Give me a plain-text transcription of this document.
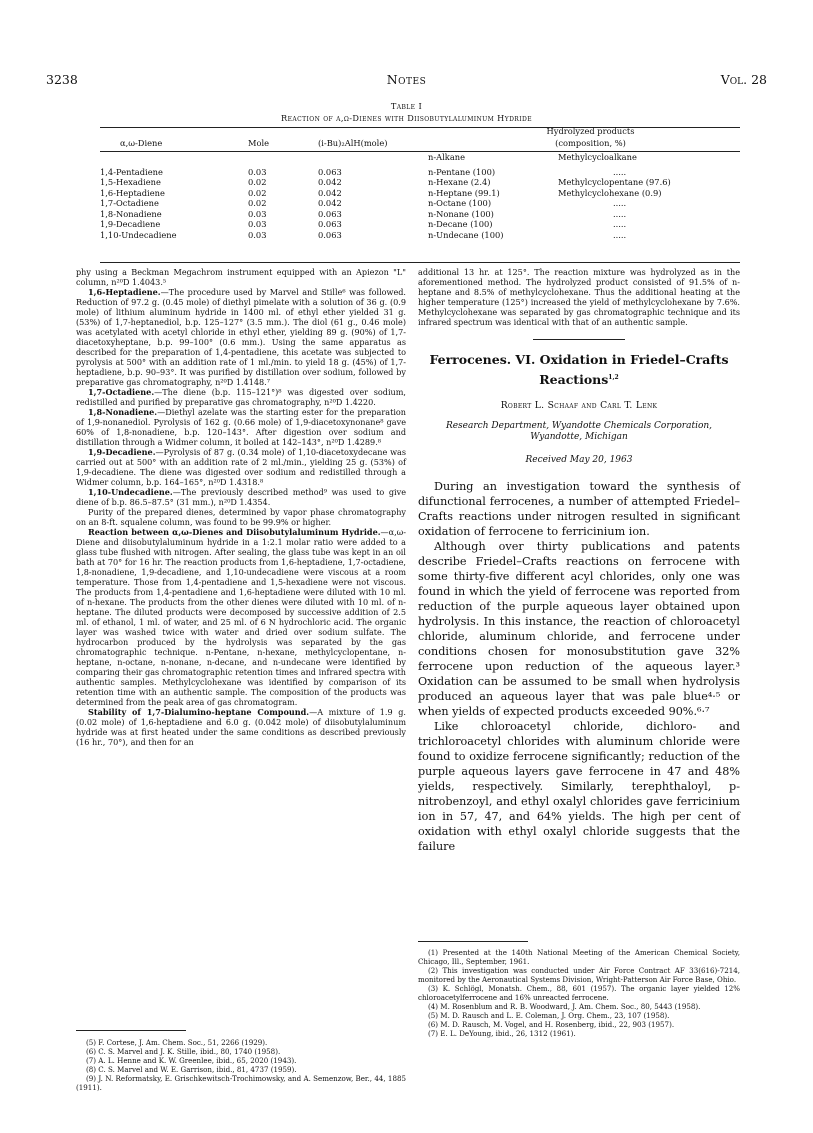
3238	Notes	Vol. 28
Table I
Reaction of α,ω-Dienes with Diisobutylaluminum Hydride
			Hydrolyzed products	
α,ω-Diene	Mole	(i-Bu)₂AlH(mole)	(composition, %)	
			n-Alkane	Methylcycloalkane

1,4-Pentadiene	0.03	0.063	n-Pentane (100)	.....
1,5-Hexadiene	0.02	0.042	n-Hexane (2.4)	Methylcyclopentane (97.6)
1,6-Heptadiene	0.02	0.042	n-Heptane (99.1)	Methylcyclohexane (0.9)
1,7-Octadiene	0.02	0.042	n-Octane (100)	.....
1,8-Nonadiene	0.03	0.063	n-Nonane (100)	.....
1,9-Decadiene	0.03	0.063	n-Decane (100)	.....
1,10-Undecadiene	0.03	0.063	n-Undecane (100)	.....

phy using a Beckman Megachrom instrument equipped with an Apiezon "L" column, n²⁰D 1.4043.⁵

1,6-Heptadiene.—The procedure used by Marvel and Stille⁶ was followed. Reduction of 97.2 g. (0.45 mole) of diethyl pimelate with a solution of 36 g. (0.9 mole) of lithium aluminum hydride in 1400 ml. of ethyl ether yielded 31 g. (53%) of 1,7-heptanediol, b.p. 125–127° (3.5 mm.). The diol (61 g., 0.46 mole) was acetylated with acetyl chloride in ethyl ether, yielding 89 g. (90%) of 1,7-diacetoxyheptane, b.p. 99–100° (0.6 mm.). Using the same apparatus as described for the preparation of 1,4-pentadiene, this acetate was subjected to pyrolysis at 500° with an addition rate of 1 ml./min. to yield 18 g. (45%) of 1,7-heptadiene, b.p. 90–93°. It was purified by distillation over sodium, followed by preparative gas chromatography, n²⁰D 1.4148.⁷

1,7-Octadiene.—The diene (b.p. 115–121°)⁸ was digested over sodium, redistilled and purified by preparative gas chromatography, n²⁰D 1.4220.

1,8-Nonadiene.—Diethyl azelate was the starting ester for the preparation of 1,9-nonanediol. Pyrolysis of 162 g. (0.66 mole) of 1,9-diacetoxynonane⁸ gave 60% of 1,8-nonadiene, b.p. 120–143°. After digestion over sodium and distillation through a Widmer column, it boiled at 142–143°, n²⁰D 1.4289.⁸

1,9-Decadiene.—Pyrolysis of 87 g. (0.34 mole) of 1,10-diacetoxydecane was carried out at 500° with an addition rate of 2 ml./min., yielding 25 g. (53%) of 1,9-decadiene. The diene was digested over sodium and redistilled through a Widmer column, b.p. 164–165°, n²⁰D 1.4318.⁸

1,10-Undecadiene.—The previously described method⁹ was used to give diene of b.p. 86.5–87.5° (31 mm.), n²⁰D 1.4354.

Purity of the prepared dienes, determined by vapor phase chromatography on an 8-ft. squalene column, was found to be 99.9% or higher.

Reaction between α,ω-Dienes and Diisobutylaluminum Hydride.—α,ω-Diene and diisobutylaluminum hydride in a 1:2.1 molar ratio were added to a glass tube flushed with nitrogen. After sealing, the glass tube was kept in an oil bath at 70° for 16 hr. The reaction products from 1,6-heptadiene, 1,7-octadiene, 1,8-nonadiene, 1,9-decadiene, and 1,10-undecadiene were viscous at a room temperature. Those from 1,4-pentadiene and 1,5-hexadiene were not viscous. The products from 1,4-pentadiene and 1,6-heptadiene were diluted with 10 ml. of n-hexane. The products from the other dienes were diluted with 10 ml. of n-heptane. The diluted products were decomposed by successive addition of 2.5 ml. of ethanol, 1 ml. of water, and 25 ml. of 6 N hydrochloric acid. The organic layer was washed twice with water and dried over sodium sulfate. The hydrocarbon produced by the hydrolysis was separated by the gas chromatographic technique. n-Pentane, n-hexane, methylcyclopentane, n-heptane, n-octane, n-nonane, n-decane, and n-undecane were identified by comparing their gas chromatographic retention times and infrared spectra with authentic samples. Methylcyclohexane was identified by comparison of its retention time with an authentic sample. The composition of the products was determined from the peak area of gas chromatogram.

Stability of 1,7-Dialumino-heptane Compound.—A mixture of 1.9 g. (0.02 mole) of 1,6-heptadiene and 6.0 g. (0.042 mole) of diisobutylaluminum hydride was at first heated under the same conditions as described previously (16 hr., 70°), and then for an

(5) F. Cortese, J. Am. Chem. Soc., 51, 2266 (1929).

(6) C. S. Marvel and J. K. Stille, ibid., 80, 1740 (1958).

(7) A. L. Henne and K. W. Greenlee, ibid., 65, 2020 (1943).

(8) C. S. Marvel and W. E. Garrison, ibid., 81, 4737 (1959).

(9) J. N. Reformatsky, E. Grischkewitsch-Trochimowsky, and A. Semenzow, Ber., 44, 1885 (1911).

additional 13 hr. at 125°. The reaction mixture was hydrolyzed as in the aforementioned method. The hydrolyzed product consisted of 91.5% of n-heptane and 8.5% of methylcyclohexane. Thus the additional heating at the higher temperature (125°) increased the yield of methylcyclohexane by 7.6%. Methylcyclohexane was separated by gas chromatographic technique and its infrared spectrum was identical with that of an authentic sample.

Ferrocenes. VI. Oxidation in Friedel–Crafts
Reactions$^{1,2}$
Robert L. Schaaf and Carl T. Lenk
Research Department, Wyandotte Chemicals Corporation,
Wyandotte, Michigan
Received May 20, 1963

During an investigation toward the synthesis of difunctional ferrocenes, a number of attempted Friedel–Crafts reactions under nitrogen resulted in significant oxidation of ferrocene to ferricinium ion.

Although over thirty publications and patents describe Friedel–Crafts reactions on ferrocene with some thirty-five different acyl chlorides, only one was found in which the yield of ferrocene was reported from reduction of the purple aqueous layer obtained upon hydrolysis. In this instance, the reaction of chloroacetyl chloride, aluminum chloride, and ferrocene under conditions chosen for monosubstitution gave 32% ferrocene upon reduction of the aqueous layer.³ Oxidation can be assumed to be small when hydrolysis produced an aqueous layer that was pale blue⁴·⁵ or when yields of expected products exceeded 90%.⁶·⁷

Like chloroacetyl chloride, dichloro- and trichloroacetyl chlorides with aluminum chloride were found to oxidize ferrocene significantly; reduction of the purple aqueous layers gave ferrocene in 47 and 48% yields, respectively. Similarly, terephthaloyl, p-nitrobenzoyl, and ethyl oxalyl chlorides gave ferricinium ion in 57, 47, and 64% yields. The high per cent of oxidation with ethyl oxalyl chloride suggests that the failure

(1) Presented at the 140th National Meeting of the American Chemical Society, Chicago, Ill., September, 1961.

(2) This investigation was conducted under Air Force Contract AF 33(616)-7214, monitored by the Aeronautical Systems Division, Wright-Patterson Air Force Base, Ohio.

(3) K. Schlögl, Monatsh. Chem., 88, 601 (1957). The organic layer yielded 12% chloroacetylferrocene and 16% unreacted ferrocene.

(4) M. Rosenblum and R. B. Woodward, J. Am. Chem. Soc., 80, 5443 (1958).

(5) M. D. Rausch and L. E. Coleman, J. Org. Chem., 23, 107 (1958).

(6) M. D. Rausch, M. Vogel, and H. Rosenberg, ibid., 22, 903 (1957).

(7) E. L. DeYoung, ibid., 26, 1312 (1961).
